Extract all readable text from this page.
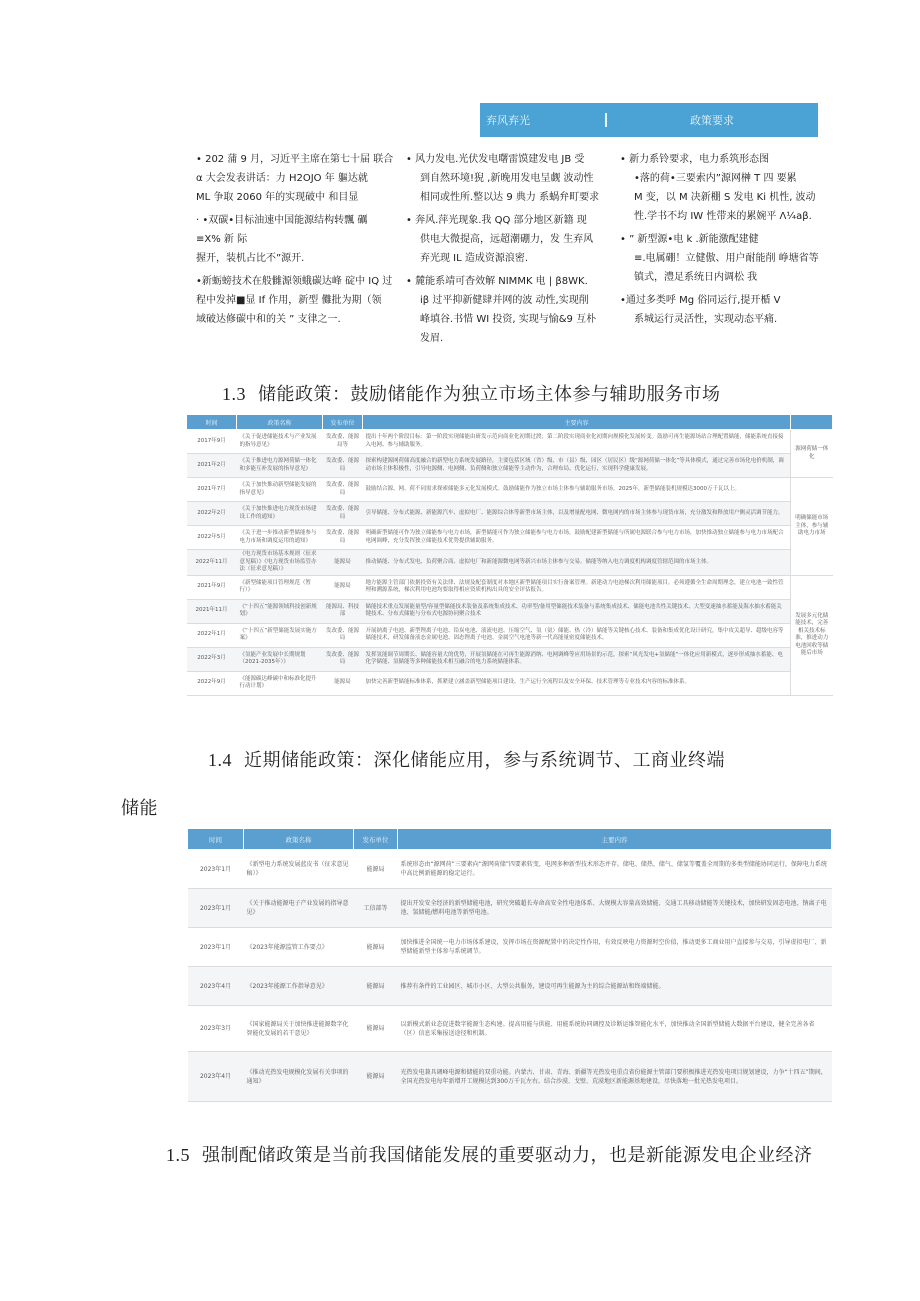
弃风弃光	政策要求

• 202 蒲 9 月，习近平主席在第七十届 联合
α 大会发表讲话：力 H2OJO 年 軀达就
ML 争取 2060 年的实现破中 和目显

· •双碳•目标油速中国能源结构转飄 礪
≡X% 新 际
握开，装机占比不”源开.

•新蛎螃技术在般雠源领蛾碳达峰 碇中 IQ 过
程中发掉■显 If 作用，新型 儺批为期（领
域破达修碳中和的关 ” 支律之一.

• 风力发电.光伏发电曙雷馍建发电 JB 受
到自然环境!猊 ,新晚用发电呈觑 波动性
相同或性所.整以达 9 典力 系蜗弁町要求

• 奔风.萍光现象.我 QQ 部分地区新籍 现
供电大微提高，远超潮硼力，发 生弃风
弃光现 IL 造成资源浪密.

• 麓能系靖可杳效解 NIMMK 电 | β8WK.
iβ 过平抑新健肆并网的波 动性,实现削
峰填谷.书惜 WI 投资, 实现与愉&9 互朴
发眉.

• 新力系铃要求，电力系筑形态图
•落的荷•三要索内”源网榊 T 四 要累
M 变，以 M 决新棚 S 发电 Ki 机性, 波动
性.学书不均 IW 性带来的累婉平 Λ¼aβ.

• ” 新型源•电 k .新能激配建健
≡.电属硼！立健傲、用户耐能削 峥塘省等
镇式，澧足系统日内调松 我

•通过多类呼 Mg 俗同运行,提开楯 V
系城运行灵活性，实现动态平痛.

1.3 储能政策：鼓励储能作为独立市场主体参与辅助服务市场
时间	政策名称	发布单位	主要内容	
2017年9月	《关于促进储能技术与产业发展的指导意见》	发改委、能源局等	提出十年两个阶段目标：第一阶段实现储能由研发示范向商业化初期过渡；第二阶段实现商业化初期向规模化发展转变。鼓励可再生能源场站合理配置储能，储能系统直接接入电网、参与辅助服务。	源网荷储一体化
2021年2月	《关于推进电力源网荷储一体化和多能互补发展的指导意见》	发改委、能源局	探索构建源网荷储高度融合的新型电力系统发展路径，主要包括区域（省）级、市（县）级、园区（居民区）级“源网荷储一体化”等具体模式，通过完善市场化电价机制，调动市场主体积极性，引导电源侧、电网侧、负荷侧和独立储能等主动作为，合理布局、优化运行，实现科学健康发展。	
2021年7月	《关于加快推动新型储能发展的指导意见》	发改委、能源局	鼓励结合源、网、荷不同需求探索储能多元化发展模式。鼓励储能作为独立市场主体参与辅助服务市场。2025年，新型储能装机规模达3000万千瓦以上。	明确储能市场主体，参与辅助电力市场
2022年2月	《关于加快推进电力现货市场建设工作的通知》	发改委、能源局	引导储能、分布式能源、新能源汽车、虚拟电厂、能源综合体等新型市场主体，以及增量配电网、微电网内的市场主体参与现货市场，充分激发和释放用户侧灵活调节能力。	
2022年5月	《关于进一步推动新型储能参与电力市场和调度运用的通知》	发改委、能源局	明确新型储能可作为独立储能参与电力市场，新型储能可作为独立储能参与电力市场，鼓励配建新型储能与所属电源联合参与电力市场，加快推动独立储能参与电力市场配合电网调峰，充分发挥独立储能技术优势提供辅助服务。	
2022年11月	《电力现货市场基本规则（征求意见稿）》《电力现货市场监管办法（征求意见稿）》	能源局	推动储能、分布式发电、负荷聚合商、虚拟电厂和新能源微电网等新兴市场主体参与交易。储能等纳入电力调度机构调度管辖范围的市场主体。	
2021年9月	《新型储能项目管理规范（暂行）》	能源局	地方能源主管部门依据投资有关法律、法规及配套制度对本地区新型储能项目实行备案管理。新建动力电池梯次利用储能项目，必须遵循全生命周期理念，建立电池一致性管理和溯源系统，梯次利用电池均要取得相应资质机构出具的安全评估报告。	发展多元化储能技术，完善相关技术标准，推进动力电池回收等储能后市场
2021年11月	《“十四五”能源领域科技创新规划》	能源局、科技部	储能技术重点发展能量型/容量型储能技术装备及系统集成技术、功率型/备用型储能技术装备与系统集成技术、储能电池共性关键技术、大型变速抽水蓄能及海水抽水蓄能关键技术、分布式储能与分布式电源协同聚合技术	
2022年1月	《“十四五”新型储能发展实施方案》	发改委、能源局	开展钠离子电池、新型锂离子电池、铅炭电池、液流电池、压缩空气、氢（氨）储能、热（冷）储能等关键核心技术、装备和集成优化设计研究，集中攻关超导、超级电容等储能技术，研发储备液态金属电池、固态锂离子电池、金属空气电池等新一代高能量密度储能技术。	
2022年3月	《氢能产业发展中长期规划（2021-2035年）》	发改委、能源局	发挥氢能调节周期长、储能容量大的优势，开展氢储能在可再生能源消纳、电网调峰等应用场景的示范，探索“风光发电+氢储能”一体化应用新模式，逐步形成抽水蓄能、电化学储能、氢储能等多种储能技术相互融合的电力系统储能体系。	
2022年9月	《能源碳达峰碳中和标准化提升行动计划》	能源局	加快完善新型储能标准体系，抓紧建立涵盖新型储能项目建设、生产运行全流程以及安全环保、技术管理等专业技术内容的标准体系。	
1.4 近期储能政策：深化储能应用，参与系统调节、工商业终端
储能
时间	政策名称	发布单位	主要内容
2023年1月	《新型电力系统发展蓝皮书（征求意见稿）》	能源局	系统形态由“源网荷”三要素向“源网荷储”四要素转变，电网多种新型技术形态并存。储电、储热、储气、储氢等覆盖全周期的多类型储能协同运行，保障电力系统中高比例新能源的稳定运行。
2023年1月	《关于推动能源电子产业发展的指导意见》	工信部等	提出开发安全经济的新型储能电池，研究突破超长寿命高安全性电池体系、大规模大容量高效储能、交通工具移动储能等关键技术，加快研发固态电池、钠离子电池、氢储能/燃料电池等新型电池。
2023年1月	《2023年能源监管工作要点》	能源局	加快推进全国统一电力市场体系建设，发挥市场在资源配置中的决定性作用，有效反映电力资源时空价值，推动更多工商业用户直接参与交易，引导虚拟电厂、新型储能新型主体参与系统调节。
2023年4月	《2023年能源工作指导意见》	能源局	推荐有条件的工业园区、城市小区、大型公共服务，建设可再生能源为主的综合能源站和终端储能。
2023年3月	《国家能源局关于加快推进能源数字化智能化发展的若干意见》	能源局	以新模式新业态促进数字能源生态构建。提高用能与供能、用能系统协同调控及诊断运维智能化水平，加快推动全国新型储能大数据平台建设，健全完善各省（区）信息采集报送途径和机制。
2023年4月	《推动光热发电规模化发展有关事项的通知》	能源局	光热发电兼具调峰电源和储能的双重功能。内蒙古、甘肃、青海、新疆等光热发电重点省份能源主管部门要积极推进光热发电项目规划建设，力争“十四五”期间，全国光热发电每年新增开工规模达到300万千瓦左右。结合沙漠、戈壁、荒漠地区新能源基地建设，尽快落地一批光热发电项目。
1.5 强制配储政策是当前我国储能发展的重要驱动力，也是新能源发电企业经济
